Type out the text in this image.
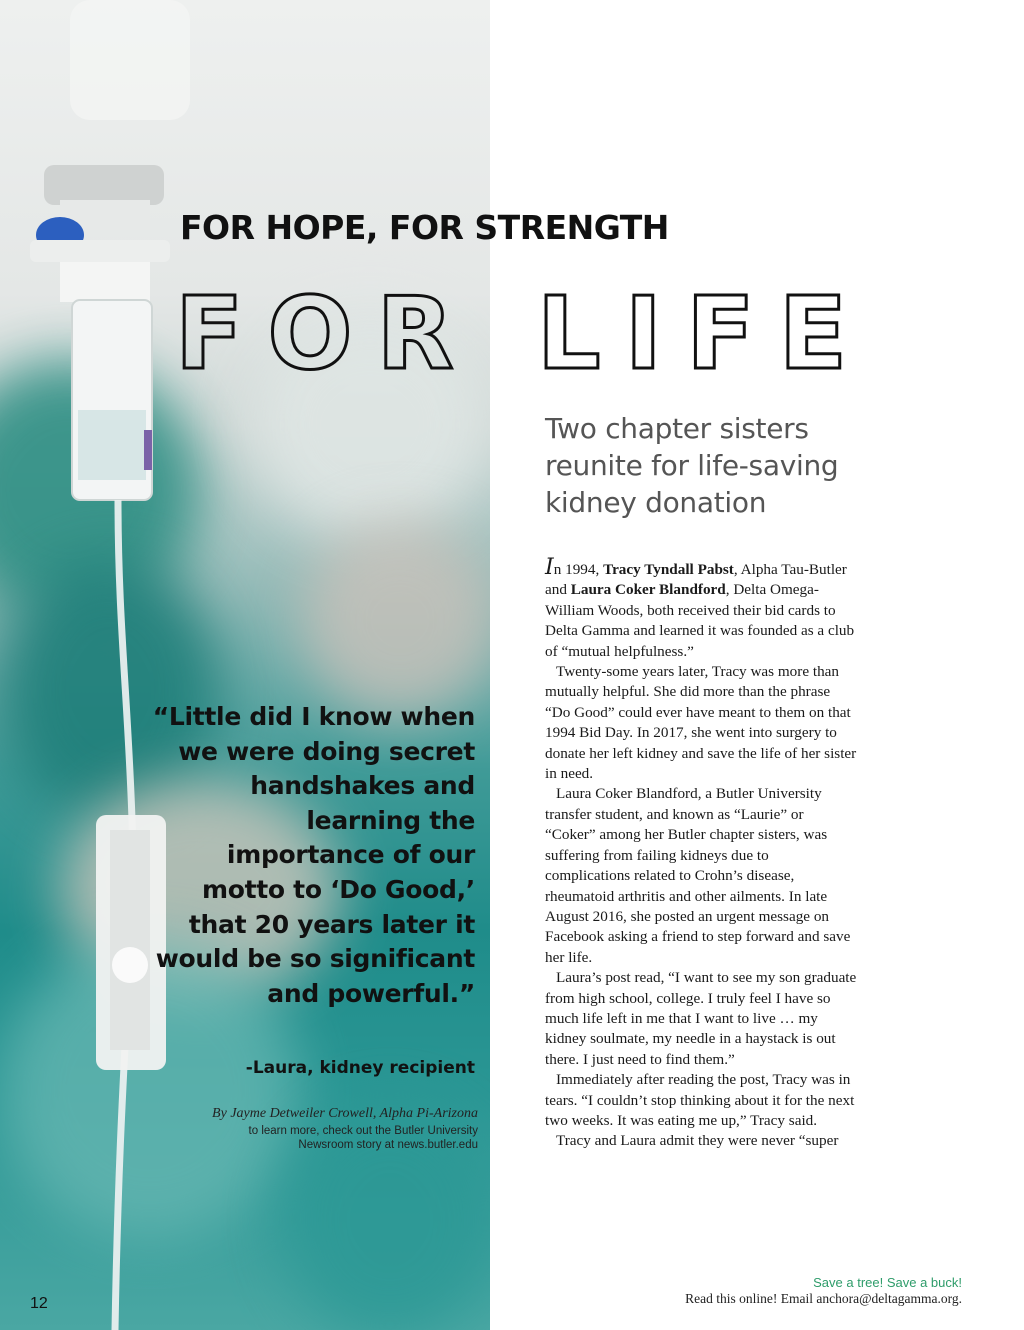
FOR HOPE, FOR STRENGTH
FOR LIFE

Two chapter sisters reunite for life-saving kidney donation

In 1994, Tracy Tyndall Pabst, Alpha Tau-Butler and Laura Coker Blandford, Delta Omega-William Woods, both received their bid cards to Delta Gamma and learned it was founded as a club of “mutual helpfulness.”

Twenty-some years later, Tracy was more than mutually helpful. She did more than the phrase “Do Good” could ever have meant to them on that 1994 Bid Day. In 2017, she went into surgery to donate her left kidney and save the life of her sister in need.

Laura Coker Blandford, a Butler University transfer student, and known as “Laurie” or “Coker” among her Butler chapter sisters, was suffering from failing kidneys due to complications related to Crohn’s disease, rheumatoid arthritis and other ailments. In late August 2016, she posted an urgent message on Facebook asking a friend to step forward and save her life.

Laura’s post read, “I want to see my son graduate from high school, college. I truly feel I have so much life left in me that I want to live … my kidney soulmate, my needle in a haystack is out there. I just need to find them.”

Immediately after reading the post, Tracy was in tears. “I couldn’t stop thinking about it for the next two weeks. It was eating me up,” Tracy said.

Tracy and Laura admit they were never “super

“Little did I know when we were doing secret handshakes and learning the importance of our motto to ‘Do Good,’ that 20 years later it would be so significant and powerful.”

-Laura, kidney recipient

By Jayme Detweiler Crowell, Alpha Pi-Arizona

to learn more, check out the Butler University Newsroom story at news.butler.edu

12

Save a tree! Save a buck!

Read this online! Email anchora@deltagamma.org.
